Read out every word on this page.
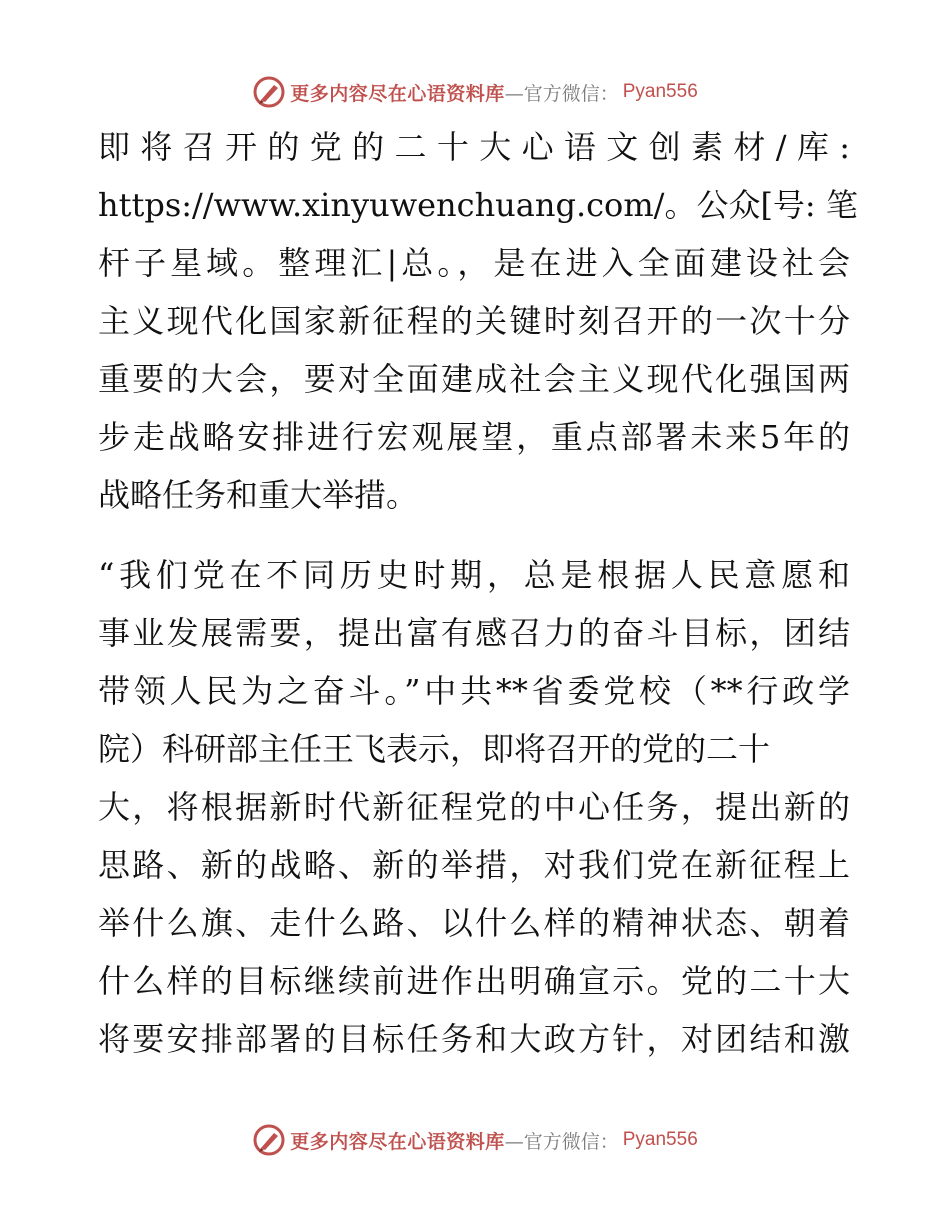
更多内容尽在心语资料库 —官方微信： Pyan556
即将召开的党的二十大心语文创素材/库:
https://www.xinyuwenchuang.com/。公众[号: 笔
杆子星域。整理汇|总。，是在进入全面建设社会
主义现代化国家新征程的关键时刻召开的一次十分
重要的大会，要对全面建成社会主义现代化强国两
步走战略安排进行宏观展望，重点部署未来5年的
战略任务和重大举措。
“我们党在不同历史时期，总是根据人民意愿和
事业发展需要，提出富有感召力的奋斗目标，团结
带领人民为之奋斗。”中共**省委党校（**行政学
院）科研部主任王飞表示，即将召开的党的二十
大，将根据新时代新征程党的中心任务，提出新的
思路、新的战略、新的举措，对我们党在新征程上
举什么旗、走什么路、以什么样的精神状态、朝着
什么样的目标继续前进作出明确宣示。党的二十大
将要安排部署的目标任务和大政方针，对团结和激
更多内容尽在心语资料库 —官方微信： Pyan556
